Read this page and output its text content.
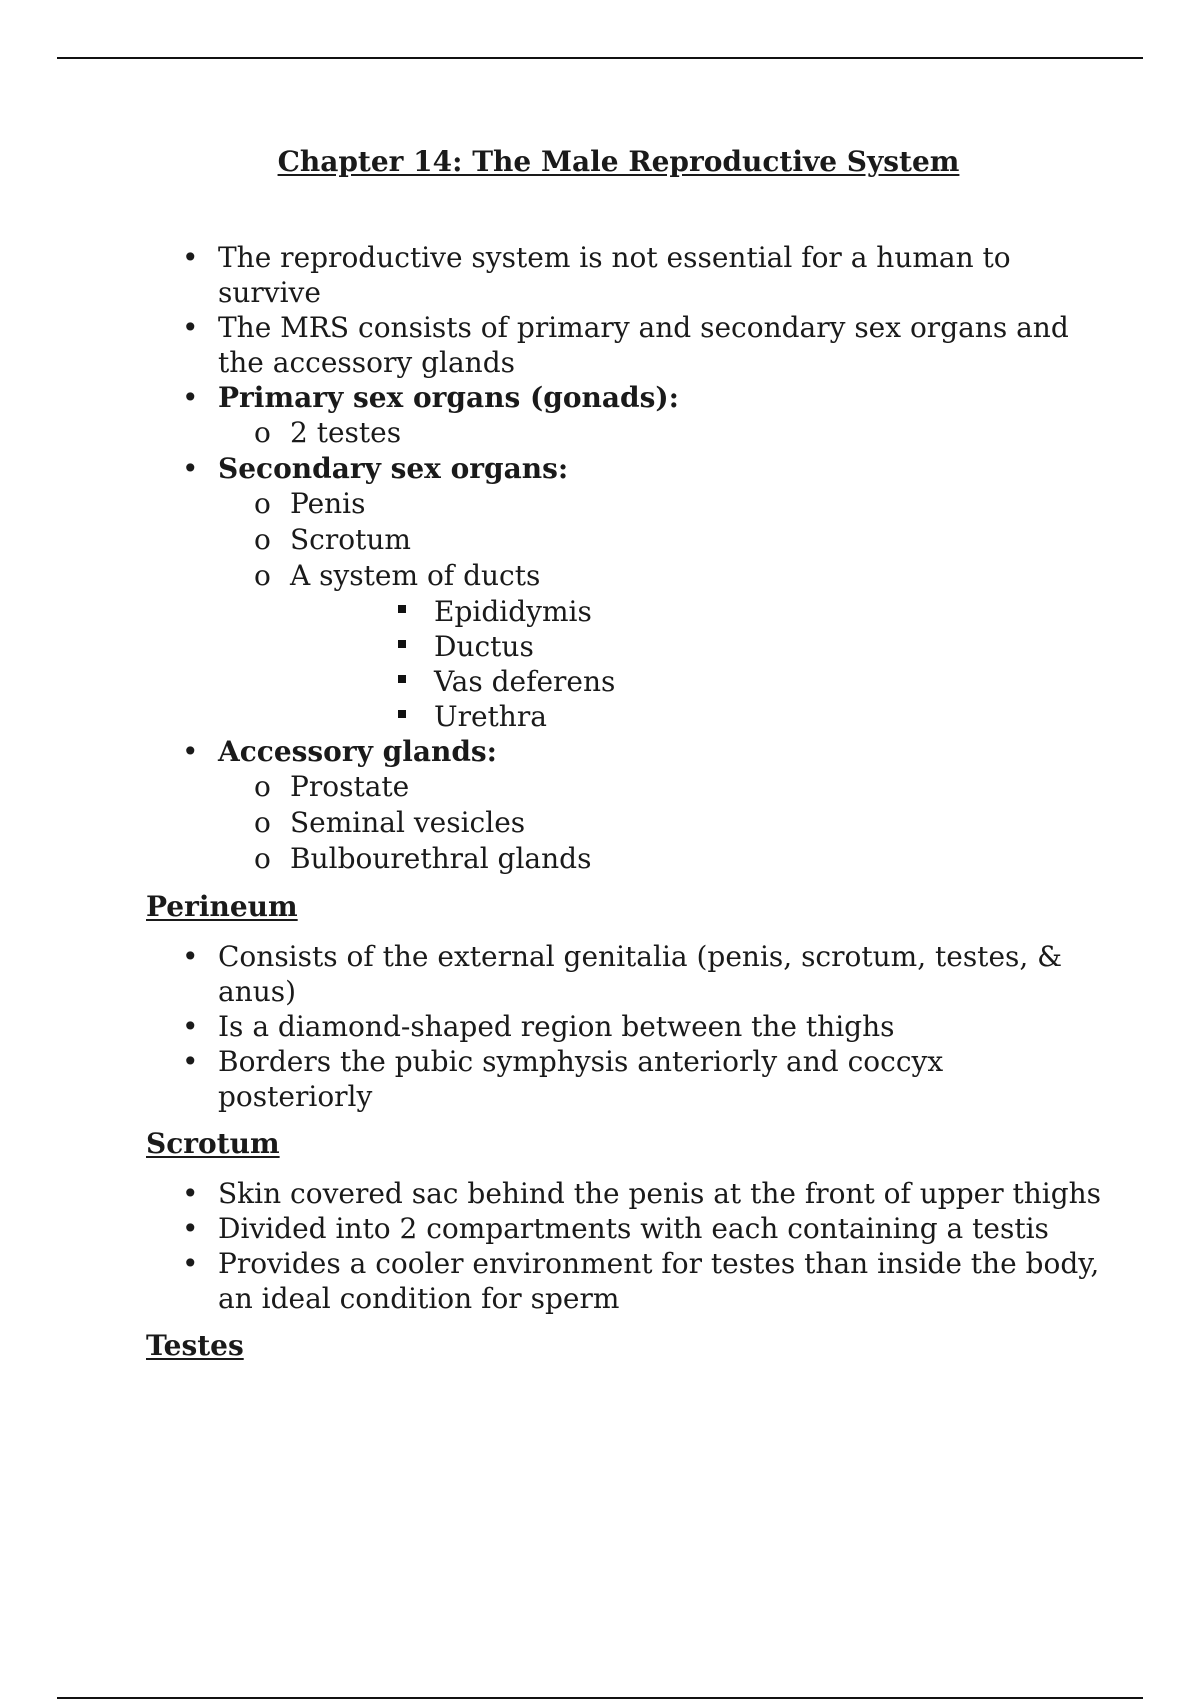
Chapter 14: The Male Reproductive System
• The reproductive system is not essential for a human to survive
• The MRS consists of primary and secondary sex organs and the accessory glands
• Primary sex organs (gonads):
o 2 testes
• Secondary sex organs:
o Penis
o Scrotum
o A system of ducts
Epididymis
Ductus
Vas deferens
Urethra
• Accessory glands:
o Prostate
o Seminal vesicles
o Bulbourethral glands
Perineum
• Consists of the external genitalia (penis, scrotum, testes, & anus)
• Is a diamond-shaped region between the thighs
• Borders the pubic symphysis anteriorly and coccyx posteriorly
Scrotum
• Skin covered sac behind the penis at the front of upper thighs
• Divided into 2 compartments with each containing a testis
• Provides a cooler environment for testes than inside the body, an ideal condition for sperm
Testes
